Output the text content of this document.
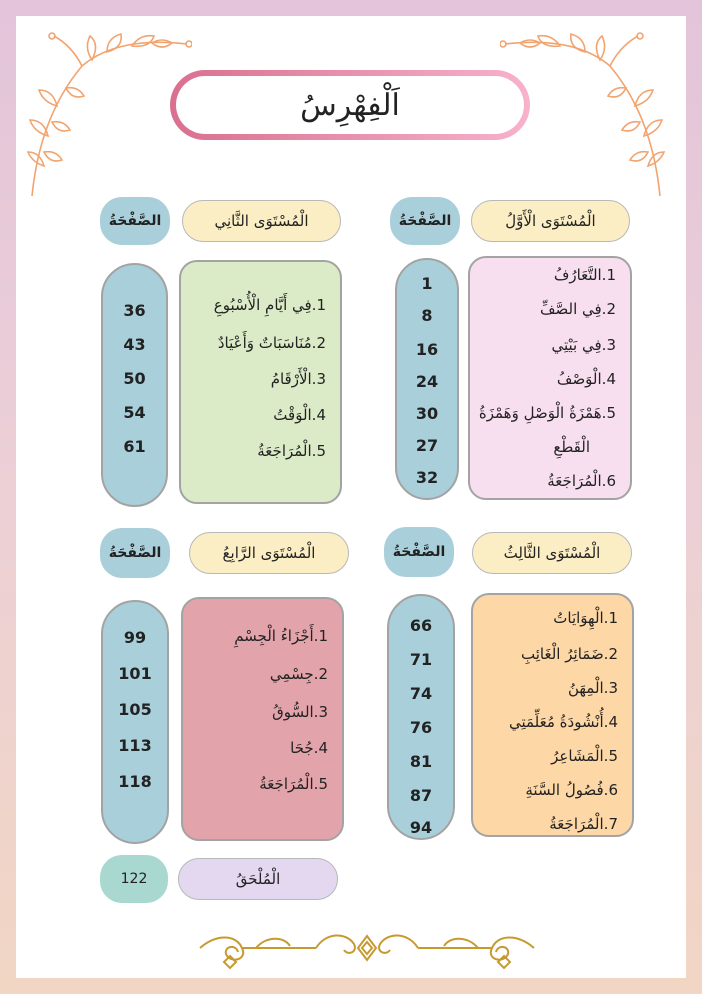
اَلْفِهْرِسُ
الْمُسْتَوَى الْأَوَّلُ
الصَّفْحَةُ
1.التَّعَارُفُ
2.فِي الصَّفِّ
3.فِي بَيْتِي
4.الْوَصْفُ
5.هَمْزَةُ الْوَصْلِ وَهَمْزَةُ
الْقَطْعِ
6.الْمُرَاجَعَةُ
1
8
16
24
30
27
32
الْمُسْتَوَى الثَّانِي
الصَّفْحَةُ
1.فِي أَيَّامِ الْأُسْبُوعِ
2.مُنَاسَبَاتٌ وَأَعْيَادٌ
3.الْأَرْقَامُ
4.الْوَقْتُ
5.الْمُرَاجَعَةُ
36
43
50
54
61
الْمُسْتَوَى الثَّالِثُ
الصَّفْحَةُ
1.الْهِوَايَاتُ
2.ضَمَائِرُ الْغَائِبِ
3.الْمِهَنُ
4.أُنْشُودَةُ مُعَلِّمَتِي
5.الْمَشَاعِرُ
6.فُصُولُ السَّنَةِ
7.الْمُرَاجَعَةُ
66
71
74
76
81
87
94
الْمُسْتَوَى الرَّابِعُ
الصَّفْحَةُ
1.أَجْزَاءُ الْجِسْمِ
2.جِسْمِي
3.السُّوقُ
4.جُحَا
5.الْمُرَاجَعَةُ
99
101
105
113
118
الْمُلْحَقُ
122
